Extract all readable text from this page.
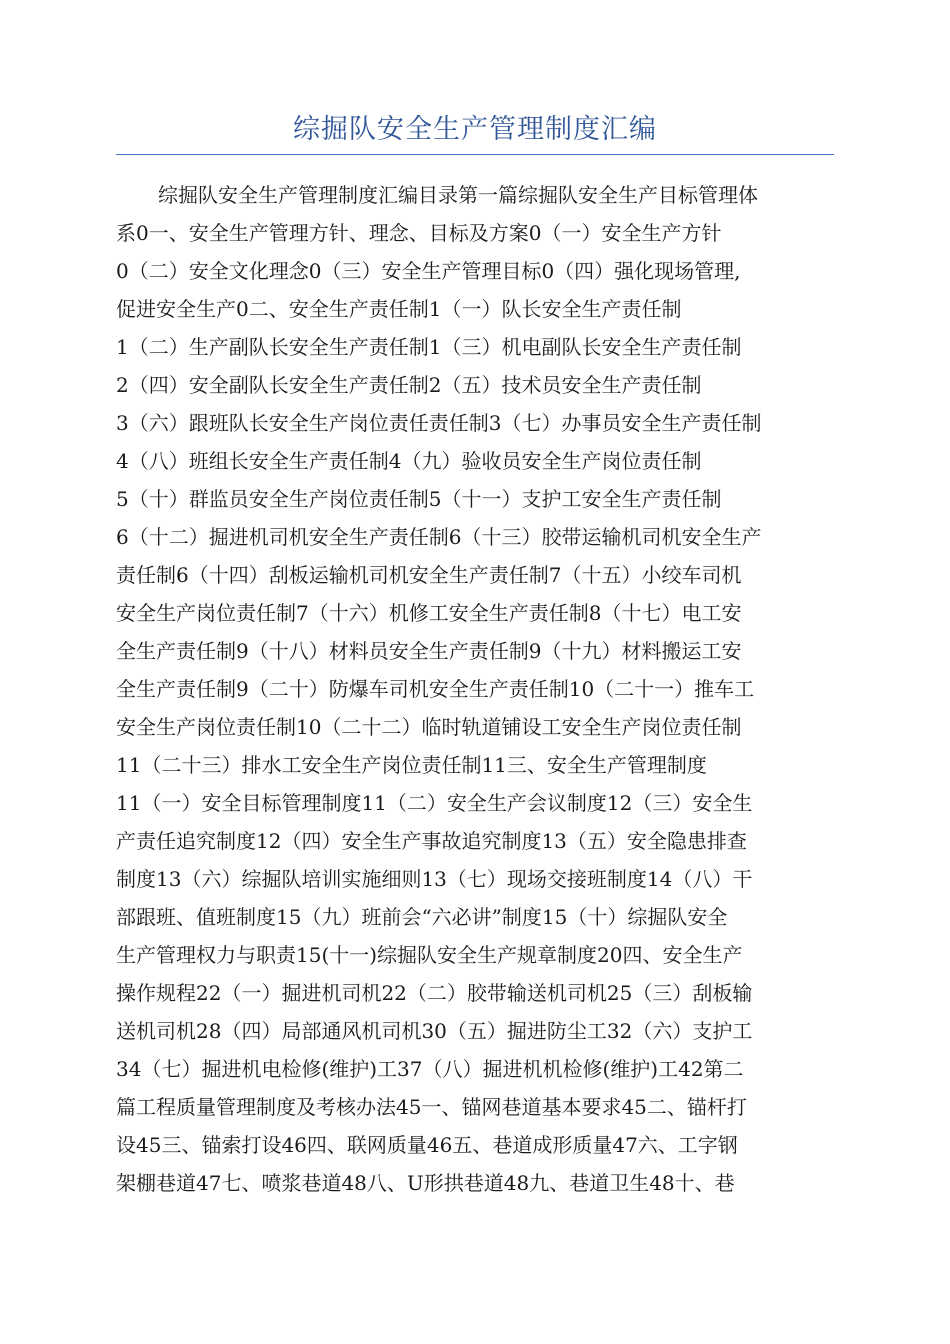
综掘队安全生产管理制度汇编
综掘队安全生产管理制度汇编目录第一篇综掘队安全生产目标管理体
系0一、安全生产管理方针、理念、目标及方案0（一）安全生产方针
0（二）安全文化理念0（三）安全生产管理目标0（四）强化现场管理,
促进安全生产0二、安全生产责任制1（一）队长安全生产责任制
1（二）生产副队长安全生产责任制1（三）机电副队长安全生产责任制
2（四）安全副队长安全生产责任制2（五）技术员安全生产责任制
3（六）跟班队长安全生产岗位责任责任制3（七）办事员安全生产责任制
4（八）班组长安全生产责任制4（九）验收员安全生产岗位责任制
5（十）群监员安全生产岗位责任制5（十一）支护工安全生产责任制
6（十二）掘进机司机安全生产责任制6（十三）胶带运输机司机安全生产
责任制6（十四）刮板运输机司机安全生产责任制7（十五）小绞车司机
安全生产岗位责任制7（十六）机修工安全生产责任制8（十七）电工安
全生产责任制9（十八）材料员安全生产责任制9（十九）材料搬运工安
全生产责任制9（二十）防爆车司机安全生产责任制10（二十一）推车工
安全生产岗位责任制10（二十二）临时轨道铺设工安全生产岗位责任制
11（二十三）排水工安全生产岗位责任制11三、安全生产管理制度
11（一）安全目标管理制度11（二）安全生产会议制度12（三）安全生
产责任追究制度12（四）安全生产事故追究制度13（五）安全隐患排查
制度13（六）综掘队培训实施细则13（七）现场交接班制度14（八）干
部跟班、值班制度15（九）班前会“六必讲”制度15（十）综掘队安全
生产管理权力与职责15(十一)综掘队安全生产规章制度20四、安全生产
操作规程22（一）掘进机司机22（二）胶带输送机司机25（三）刮板输
送机司机28（四）局部通风机司机30（五）掘进防尘工32（六）支护工
34（七）掘进机电检修(维护)工37（八）掘进机机检修(维护)工42第二
篇工程质量管理制度及考核办法45一、锚网巷道基本要求45二、锚杆打
设45三、锚索打设46四、联网质量46五、巷道成形质量47六、工字钢
架棚巷道47七、喷浆巷道48八、U形拱巷道48九、巷道卫生48十、巷
